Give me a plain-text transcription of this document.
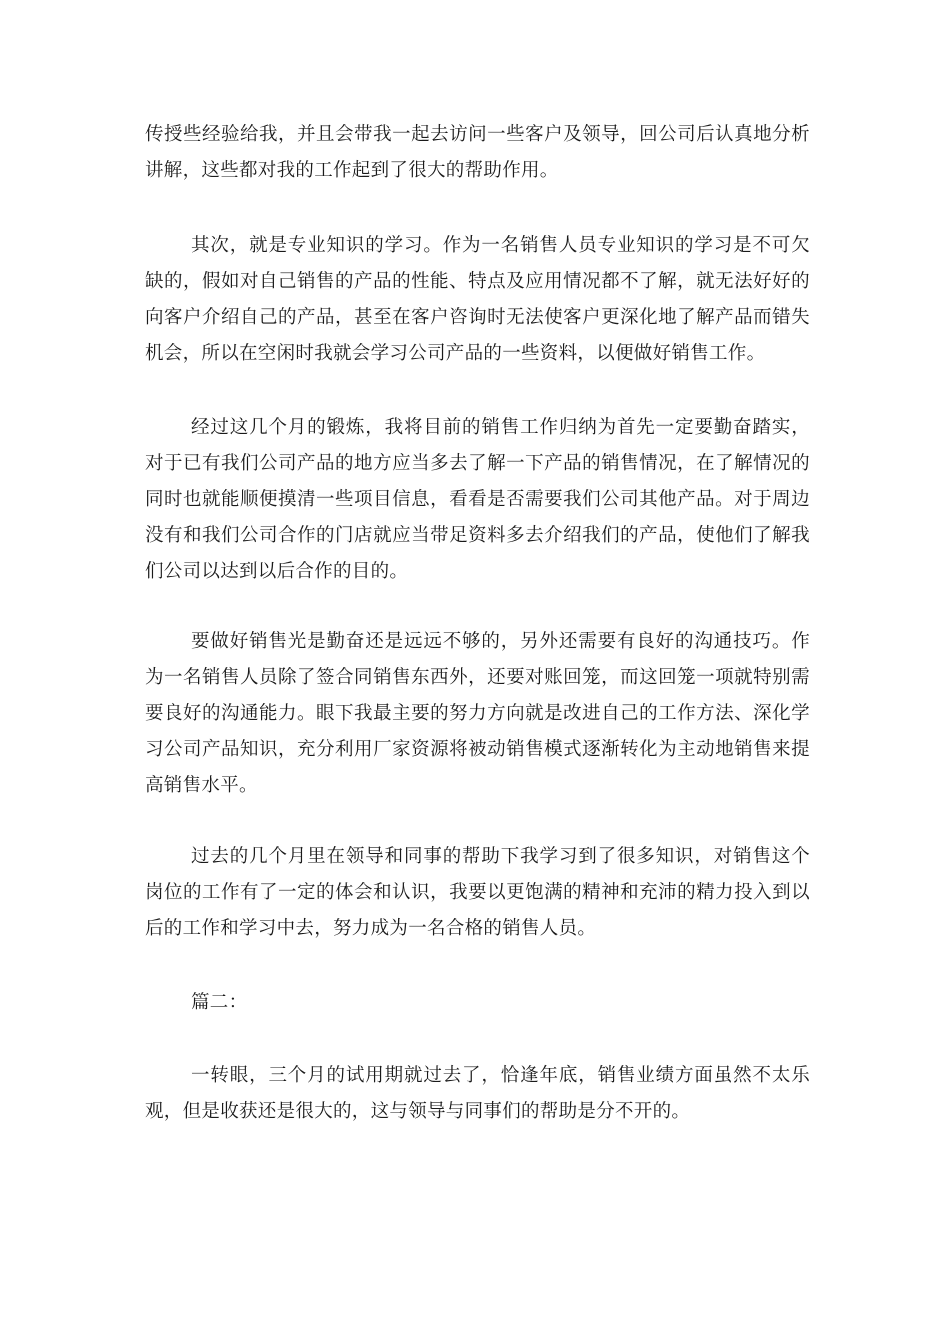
传授些经验给我，并且会带我一起去访问一些客户及领导，回公司后认真地分析讲解，这些都对我的工作起到了很大的帮助作用。

其次，就是专业知识的学习。作为一名销售人员专业知识的学习是不可欠缺的，假如对自己销售的产品的性能、特点及应用情况都不了解，就无法好好的向客户介绍自己的产品，甚至在客户咨询时无法使客户更深化地了解产品而错失机会，所以在空闲时我就会学习公司产品的一些资料，以便做好销售工作。

经过这几个月的锻炼，我将目前的销售工作归纳为首先一定要勤奋踏实，对于已有我们公司产品的地方应当多去了解一下产品的销售情况，在了解情况的同时也就能顺便摸清一些项目信息，看看是否需要我们公司其他产品。对于周边没有和我们公司合作的门店就应当带足资料多去介绍我们的产品，使他们了解我们公司以达到以后合作的目的。

要做好销售光是勤奋还是远远不够的，另外还需要有良好的沟通技巧。作为一名销售人员除了签合同销售东西外，还要对账回笼，而这回笼一项就特别需要良好的沟通能力。眼下我最主要的努力方向就是改进自己的工作方法、深化学习公司产品知识，充分利用厂家资源将被动销售模式逐渐转化为主动地销售来提高销售水平。

过去的几个月里在领导和同事的帮助下我学习到了很多知识，对销售这个岗位的工作有了一定的体会和认识，我要以更饱满的精神和充沛的精力投入到以后的工作和学习中去，努力成为一名合格的销售人员。

篇二：

一转眼，三个月的试用期就过去了，恰逢年底，销售业绩方面虽然不太乐观，但是收获还是很大的，这与领导与同事们的帮助是分不开的。
